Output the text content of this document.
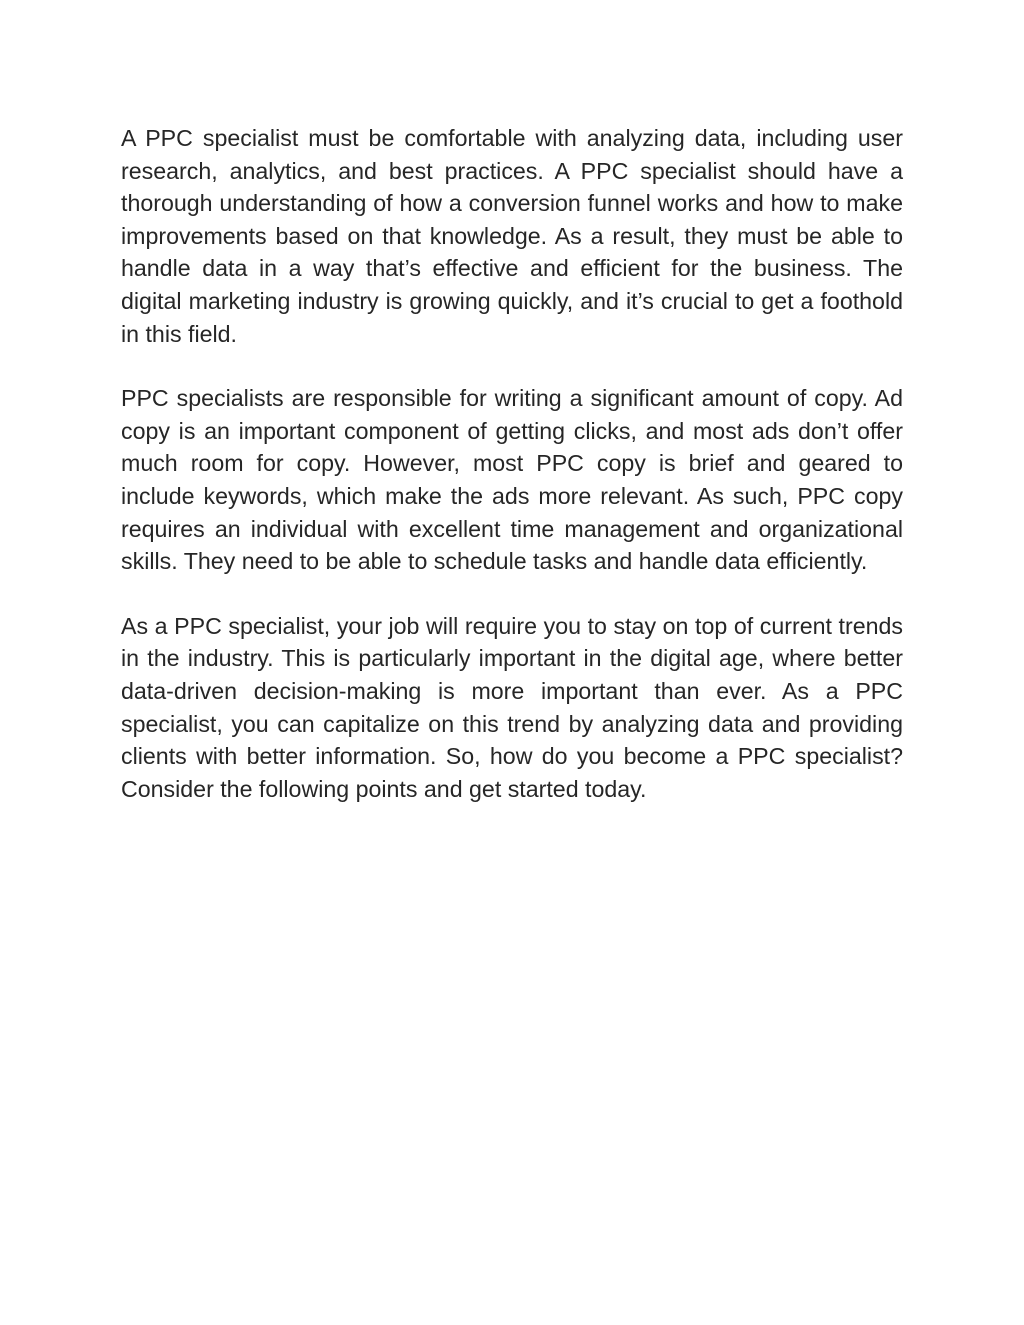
A PPC specialist must be comfortable with analyzing data, including user research, analytics, and best practices. A PPC specialist should have a thorough understanding of how a conversion funnel works and how to make improvements based on that knowledge. As a result, they must be able to handle data in a way that’s effective and efficient for the business. The digital marketing industry is growing quickly, and it’s crucial to get a foothold in this field.

PPC specialists are responsible for writing a significant amount of copy. Ad copy is an important component of getting clicks, and most ads don’t offer much room for copy. However, most PPC copy is brief and geared to include keywords, which make the ads more relevant. As such, PPC copy requires an individual with excellent time management and organizational skills. They need to be able to schedule tasks and handle data efficiently.

As a PPC specialist, your job will require you to stay on top of current trends in the industry. This is particularly important in the digital age, where better data-driven decision-making is more important than ever. As a PPC specialist, you can capitalize on this trend by analyzing data and providing clients with better information. So, how do you become a PPC specialist? Consider the following points and get started today.
